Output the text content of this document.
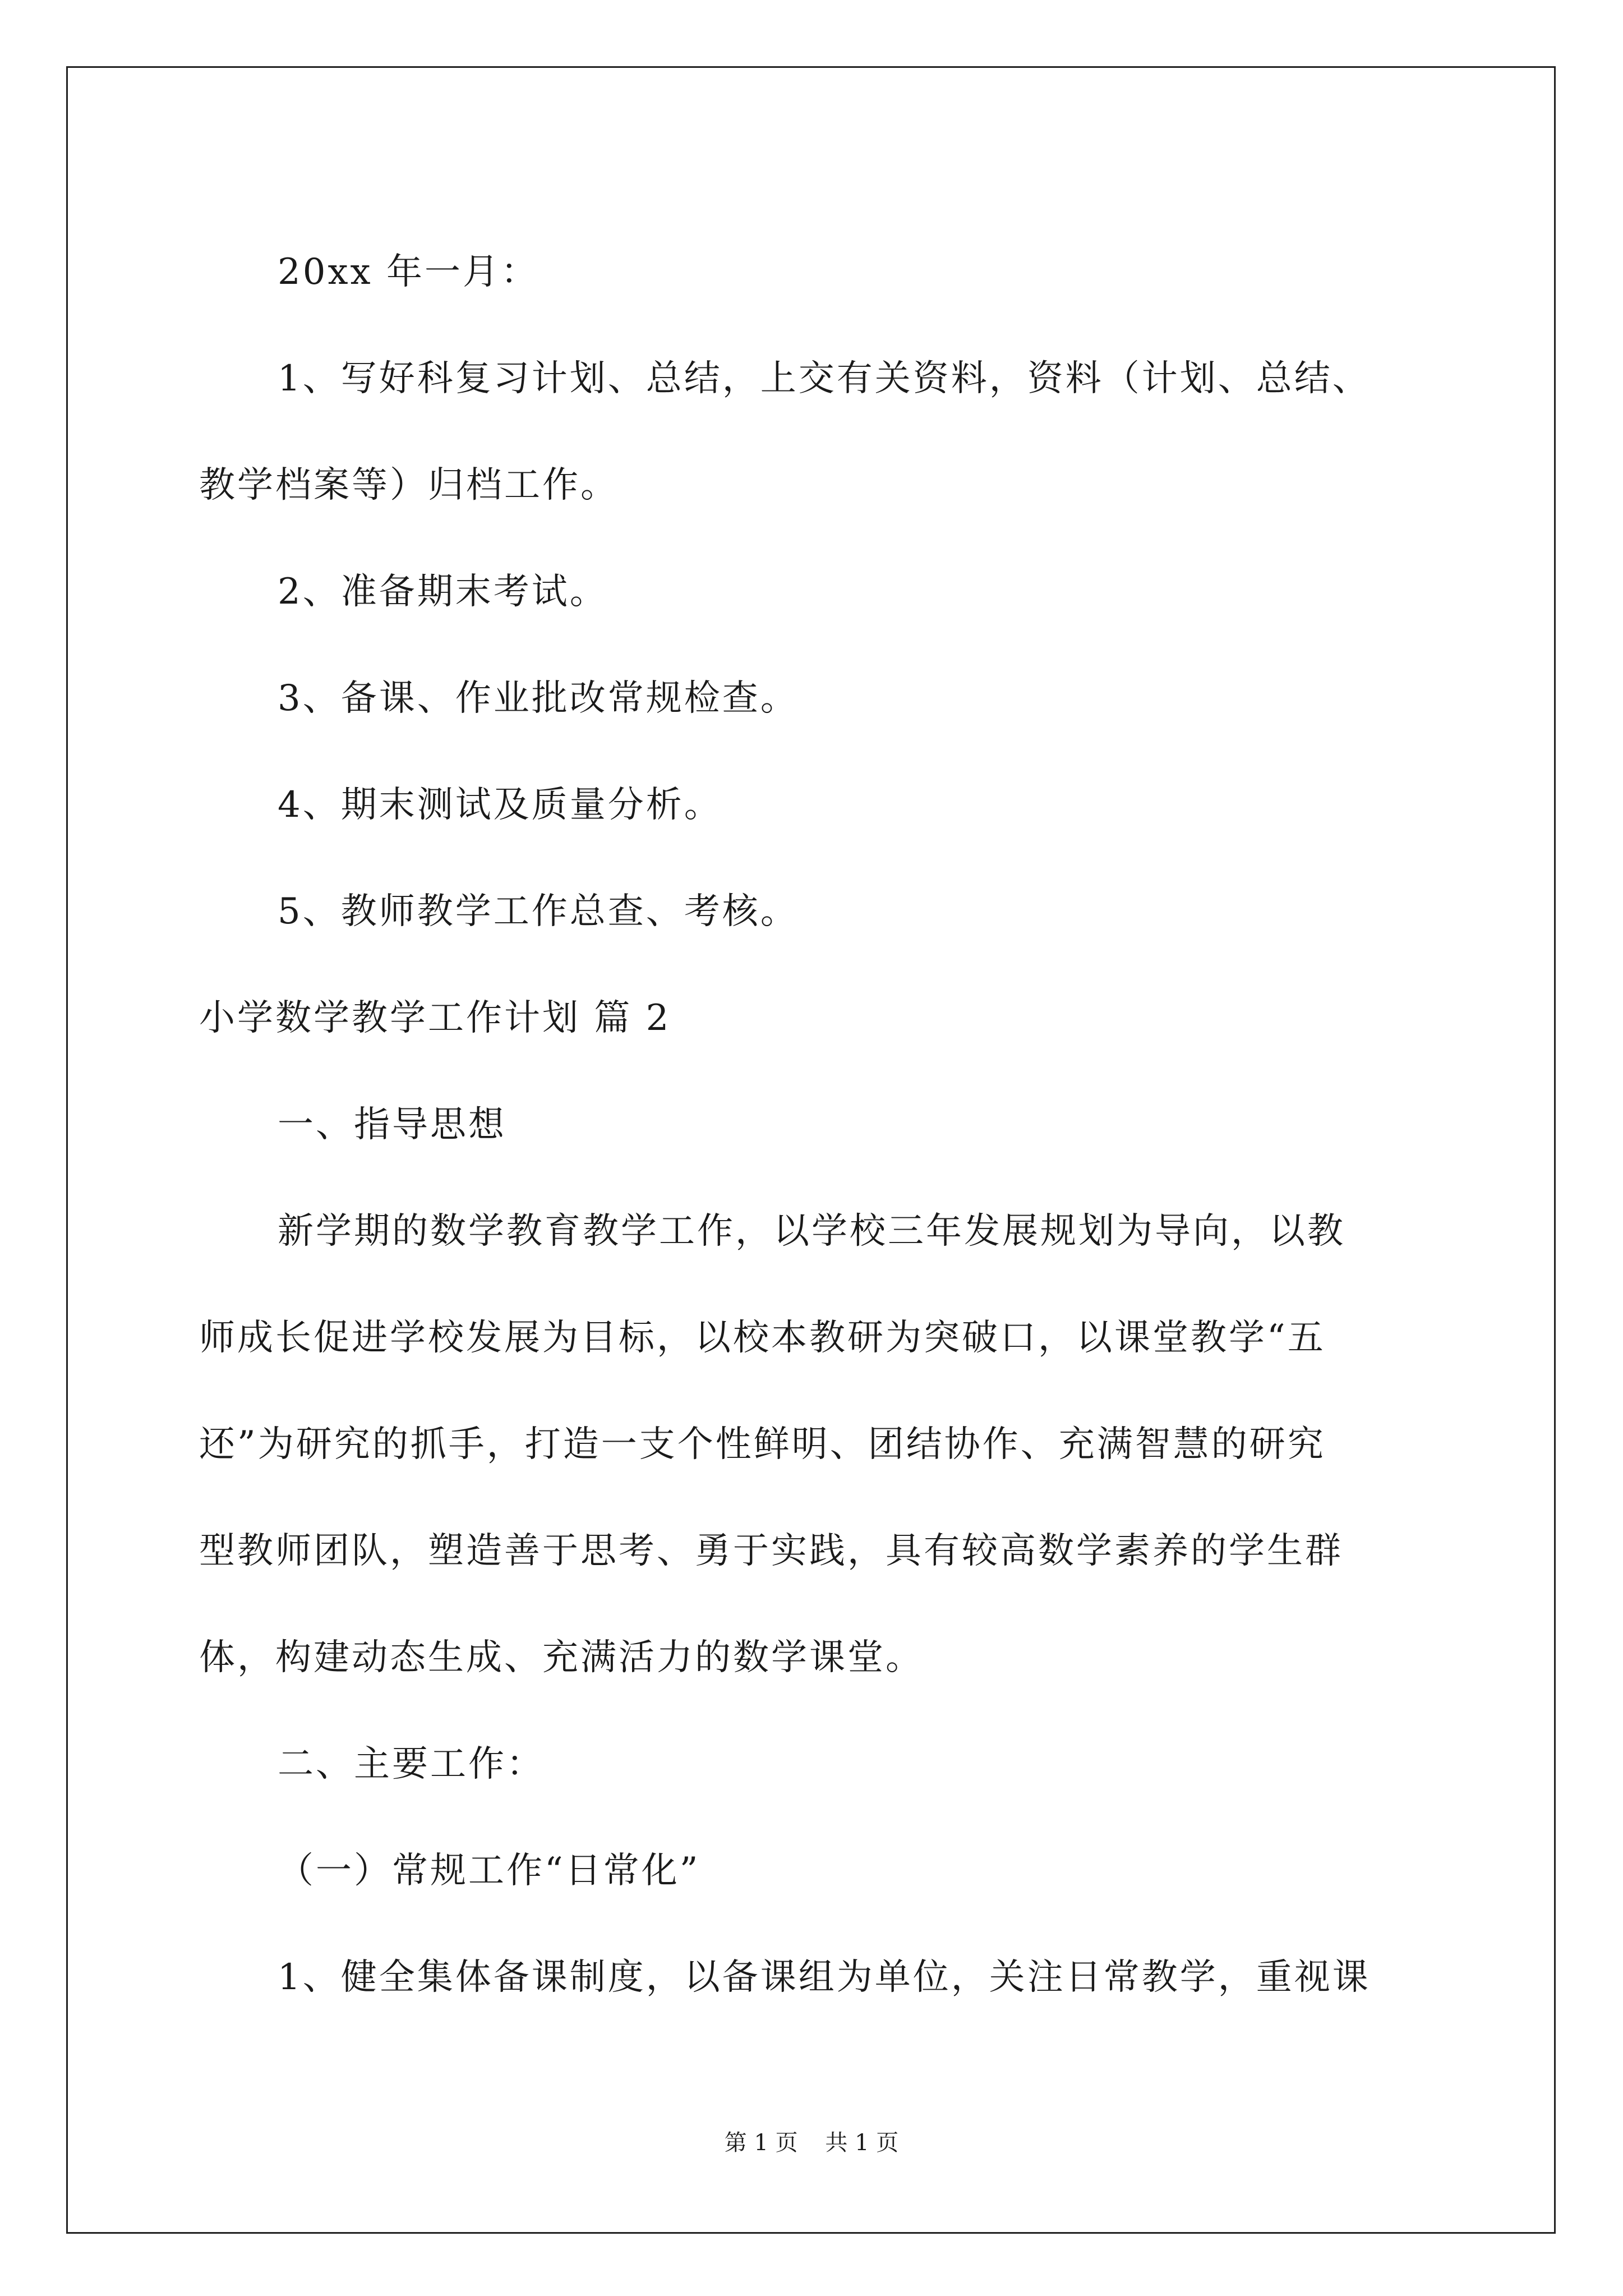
20xx 年一月：
1、写好科复习计划、总结，上交有关资料，资料（计划、总结、
教学档案等）归档工作。
2、准备期末考试。
3、备课、作业批改常规检查。
4、期末测试及质量分析。
5、教师教学工作总查、考核。
小学数学教学工作计划 篇 2
一、指导思想
新学期的数学教育教学工作，以学校三年发展规划为导向，以教
师成长促进学校发展为目标，以校本教研为突破口，以课堂教学“五
还”为研究的抓手，打造一支个性鲜明、团结协作、充满智慧的研究
型教师团队，塑造善于思考、勇于实践，具有较高数学素养的学生群
体，构建动态生成、充满活力的数学课堂。
二、主要工作：
（一）常规工作“日常化”
1、健全集体备课制度，以备课组为单位，关注日常教学，重视课
第 1 页 共 1 页
